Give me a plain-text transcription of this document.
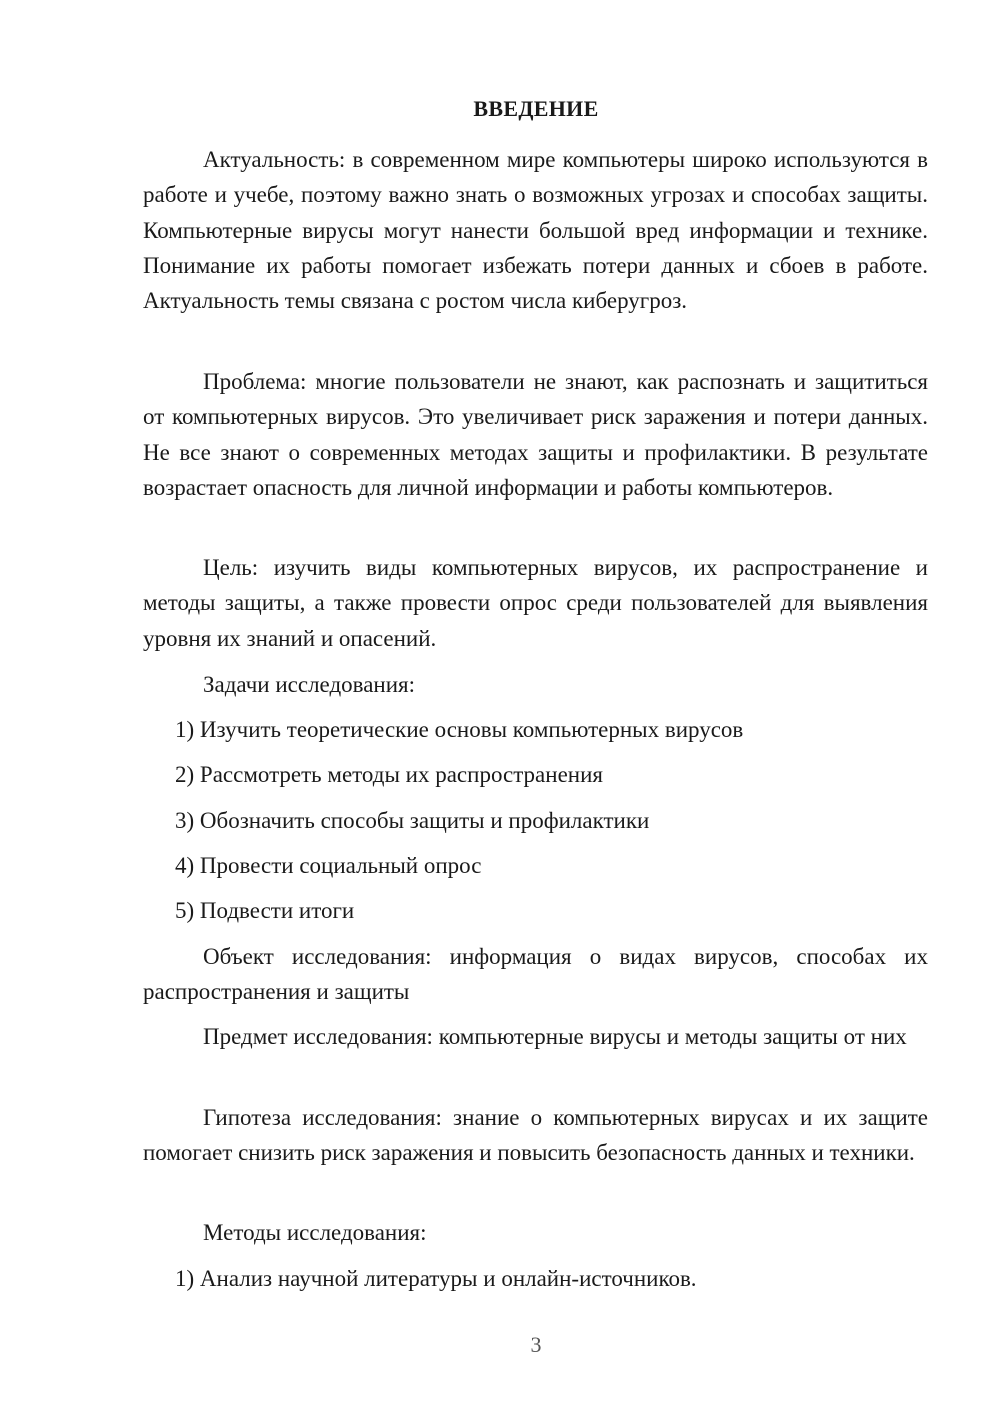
ВВЕДЕНИЕ

Актуальность: в современном мире компьютеры широко используются в работе и учебе, поэтому важно знать о возможных угрозах и способах защиты. Компьютерные вирусы могут нанести большой вред информации и технике. Понимание их работы помогает избежать потери данных и сбоев в работе. Актуальность темы связана с ростом числа киберугроз.

Проблема: многие пользователи не знают, как распознать и защититься от компьютерных вирусов. Это увеличивает риск заражения и потери данных. Не все знают о современных методах защиты и профилактики. В результате возрастает опасность для личной информации и работы компьютеров.

Цель: изучить виды компьютерных вирусов, их распространение и методы защиты, а также провести опрос среди пользователей для выявления уровня их знаний и опасений.

Задачи исследования:

1) Изучить теоретические основы компьютерных вирусов

2) Рассмотреть методы их распространения

3) Обозначить способы защиты и профилактики

4) Провести социальный опрос

5) Подвести итоги

Объект исследования: информация о видах вирусов, способах их распространения и защиты

Предмет исследования: компьютерные вирусы и методы защиты от них

Гипотеза исследования: знание о компьютерных вирусах и их защите помогает снизить риск заражения и повысить безопасность данных и техники.

Методы исследования:

1) Анализ научной литературы и онлайн-источников.

3
